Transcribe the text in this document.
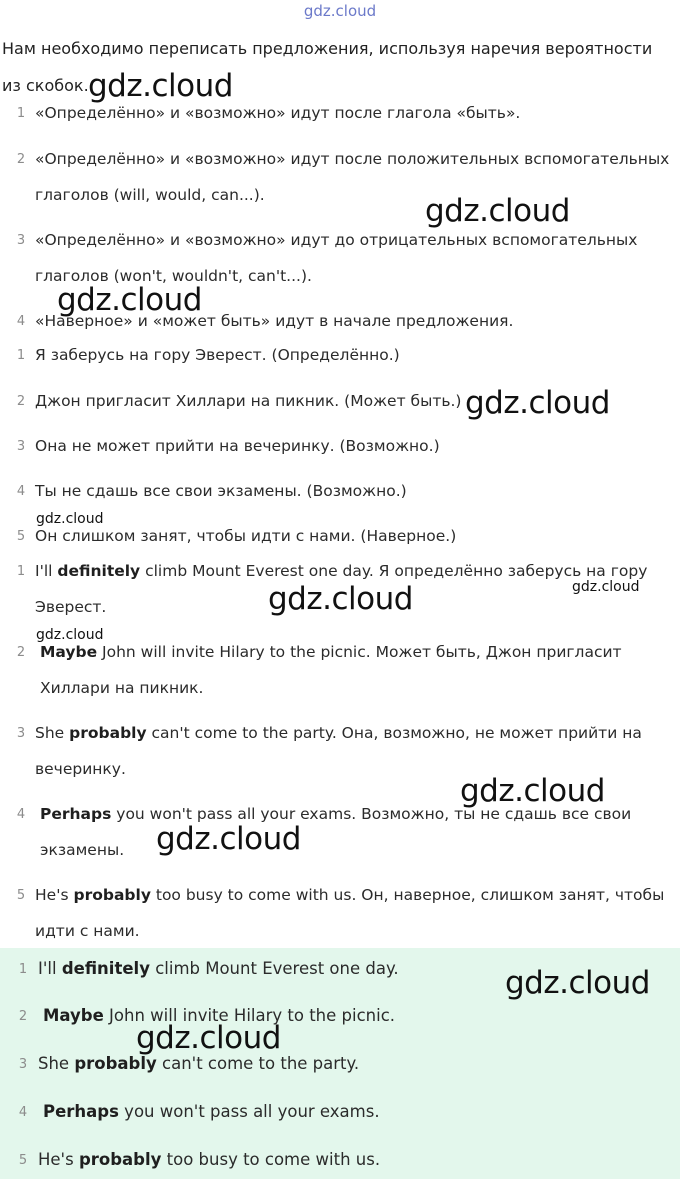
gdz.cloud
Нам необходимо переписать предложения, используя наречия вероятности из скобок.
1 «Определённо» и «возможно» идут после глагола «быть».
2 «Определённо» и «возможно» идут после положительных вспомогательных глаголов (will, would, can...).
3 «Определённо» и «возможно» идут до отрицательных вспомогательных глаголов (won't, wouldn't, can't...).
4 «Наверное» и «может быть» идут в начале предложения.
1 Я заберусь на гору Эверест. (Определённо.)
2 Джон пригласит Хиллари на пикник. (Может быть.)
3 Она не может прийти на вечеринку. (Возможно.)
4 Ты не сдашь все свои экзамены. (Возможно.)
5 Он слишком занят, чтобы идти с нами. (Наверное.)
1 I'll definitely climb Mount Everest one day. Я определённо заберусь на гору Эверест.
2 Maybe John will invite Hilary to the picnic. Может быть, Джон пригласит Хиллари на пикник.
3 She probably can't come to the party. Она, возможно, не может прийти на вечеринку.
4 Perhaps you won't pass all your exams. Возможно, ты не сдашь все свои экзамены.
5 He's probably too busy to come with us. Он, наверное, слишком занят, чтобы идти с нами.
1 I'll definitely climb Mount Everest one day.
2 Maybe John will invite Hilary to the picnic.
3 She probably can't come to the party.
4 Perhaps you won't pass all your exams.
5 He's probably too busy to come with us.
gdz.cloud
gdz.cloud
gdz.cloud
gdz.cloud
gdz.cloud
gdz.cloud	gdz.cloud
gdz.cloud
gdz.cloud
gdz.cloud
gdz.cloud
gdz.cloud
